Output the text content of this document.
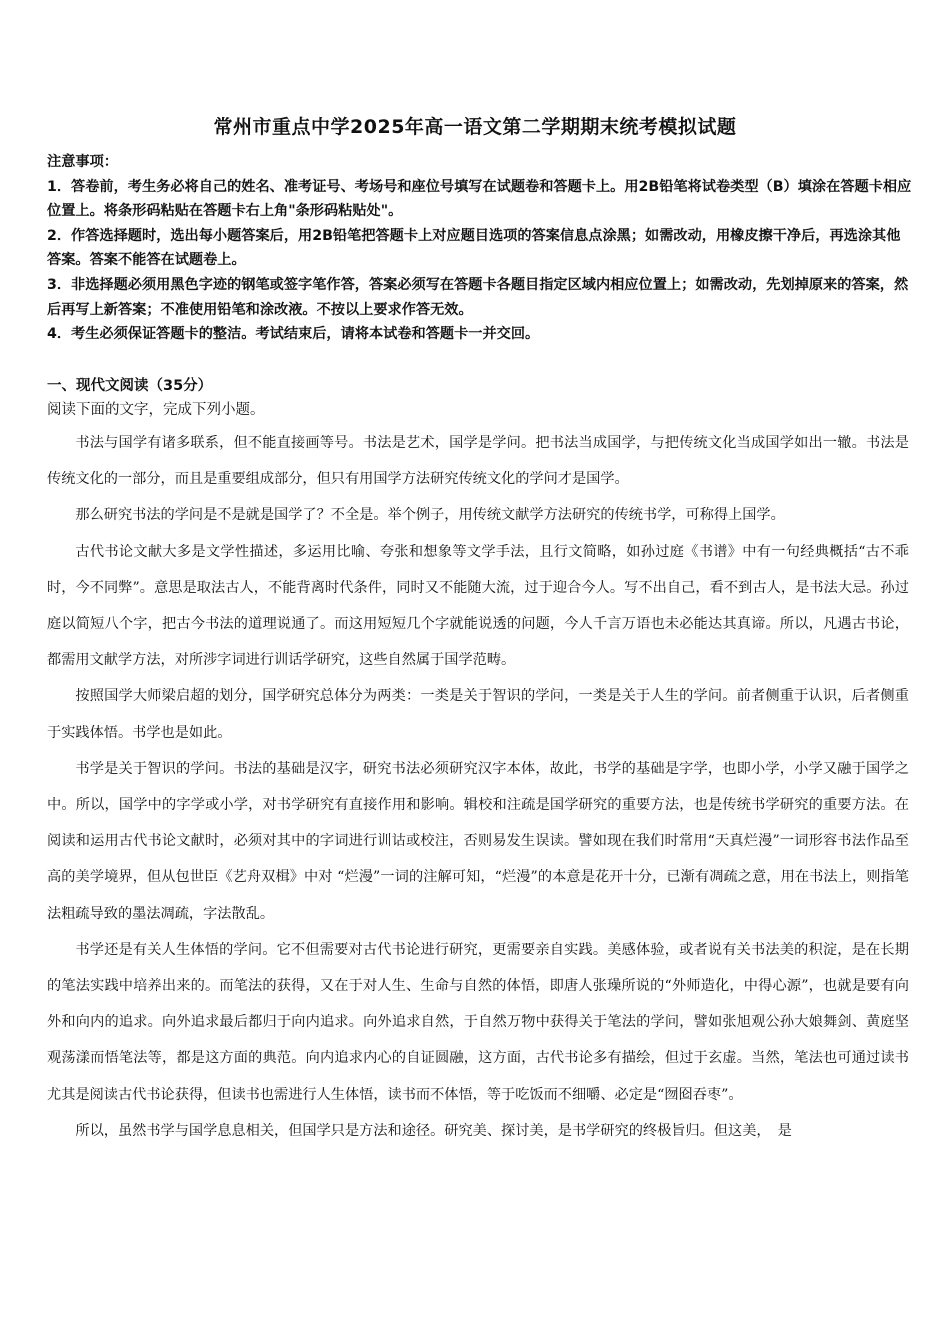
常州市重点中学2025年高一语文第二学期期末统考模拟试题

注意事项：

1．答卷前，考生务必将自己的姓名、准考证号、考场号和座位号填写在试题卷和答题卡上。用2B铅笔将试卷类型（B）填涂在答题卡相应位置上。将条形码粘贴在答题卡右上角"条形码粘贴处"。

2．作答选择题时，选出每小题答案后，用2B铅笔把答题卡上对应题目选项的答案信息点涂黑；如需改动，用橡皮擦干净后，再选涂其他答案。答案不能答在试题卷上。

3．非选择题必须用黑色字迹的钢笔或签字笔作答，答案必须写在答题卡各题目指定区域内相应位置上；如需改动，先划掉原来的答案，然后再写上新答案；不准使用铅笔和涂改液。不按以上要求作答无效。

4．考生必须保证答题卡的整洁。考试结束后，请将本试卷和答题卡一并交回。

一、现代文阅读（35分）
阅读下面的文字，完成下列小题。

书法与国学有诸多联系，但不能直接画等号。书法是艺术，国学是学问。把书法当成国学，与把传统文化当成国学如出一辙。书法是传统文化的一部分，而且是重要组成部分，但只有用国学方法研究传统文化的学问才是国学。

那么研究书法的学问是不是就是国学了？不全是。举个例子，用传统文献学方法研究的传统书学，可称得上国学。

古代书论文献大多是文学性描述，多运用比喻、夸张和想象等文学手法，且行文简略，如孙过庭《书谱》中有一句经典概括“古不乖时，今不同弊”。意思是取法古人，不能背离时代条件，同时又不能随大流，过于迎合今人。写不出自己，看不到古人，是书法大忌。孙过庭以简短八个字，把古今书法的道理说通了。而这用短短几个字就能说透的问题，今人千言万语也未必能达其真谛。所以，凡遇古书论，都需用文献学方法，对所涉字词进行训话学研究，这些自然属于国学范畴。

按照国学大师梁启超的划分，国学研究总体分为两类：一类是关于智识的学问，一类是关于人生的学问。前者侧重于认识，后者侧重于实践体悟。书学也是如此。

书学是关于智识的学问。书法的基础是汉字，研究书法必须研究汉字本体，故此，书学的基础是字学，也即小学，小学又融于国学之中。所以，国学中的字学或小学，对书学研究有直接作用和影响。辑校和注疏是国学研究的重要方法，也是传统书学研究的重要方法。在阅读和运用古代书论文献时，必须对其中的字词进行训诂或校注，否则易发生误读。譬如现在我们时常用“天真烂漫”一词形容书法作品至高的美学境界，但从包世臣《艺舟双楫》中对 “烂漫”一词的注解可知，“烂漫”的本意是花开十分，已渐有凋疏之意，用在书法上，则指笔法粗疏导致的墨法凋疏，字法散乱。

书学还是有关人生体悟的学问。它不但需要对古代书论进行研究，更需要亲自实践。美感体验，或者说有关书法美的积淀，是在长期的笔法实践中培养出来的。而笔法的获得，又在于对人生、生命与自然的体悟，即唐人张璪所说的“外师造化，中得心源”，也就是要有向外和向内的追求。向外追求最后都归于向内追求。向外追求自然，于自然万物中获得关于笔法的学问，譬如张旭观公孙大娘舞剑、黄庭坚观荡漾而悟笔法等，都是这方面的典范。向内追求内心的自证圆融，这方面，古代书论多有描绘，但过于玄虚。当然，笔法也可通过读书尤其是阅读古代书论获得，但读书也需进行人生体悟，读书而不体悟，等于吃饭而不细嚼、必定是“囫囵吞枣”。

所以，虽然书学与国学息息相关，但国学只是方法和途径。研究美、探讨美，是书学研究的终极旨归。但这美，　是
